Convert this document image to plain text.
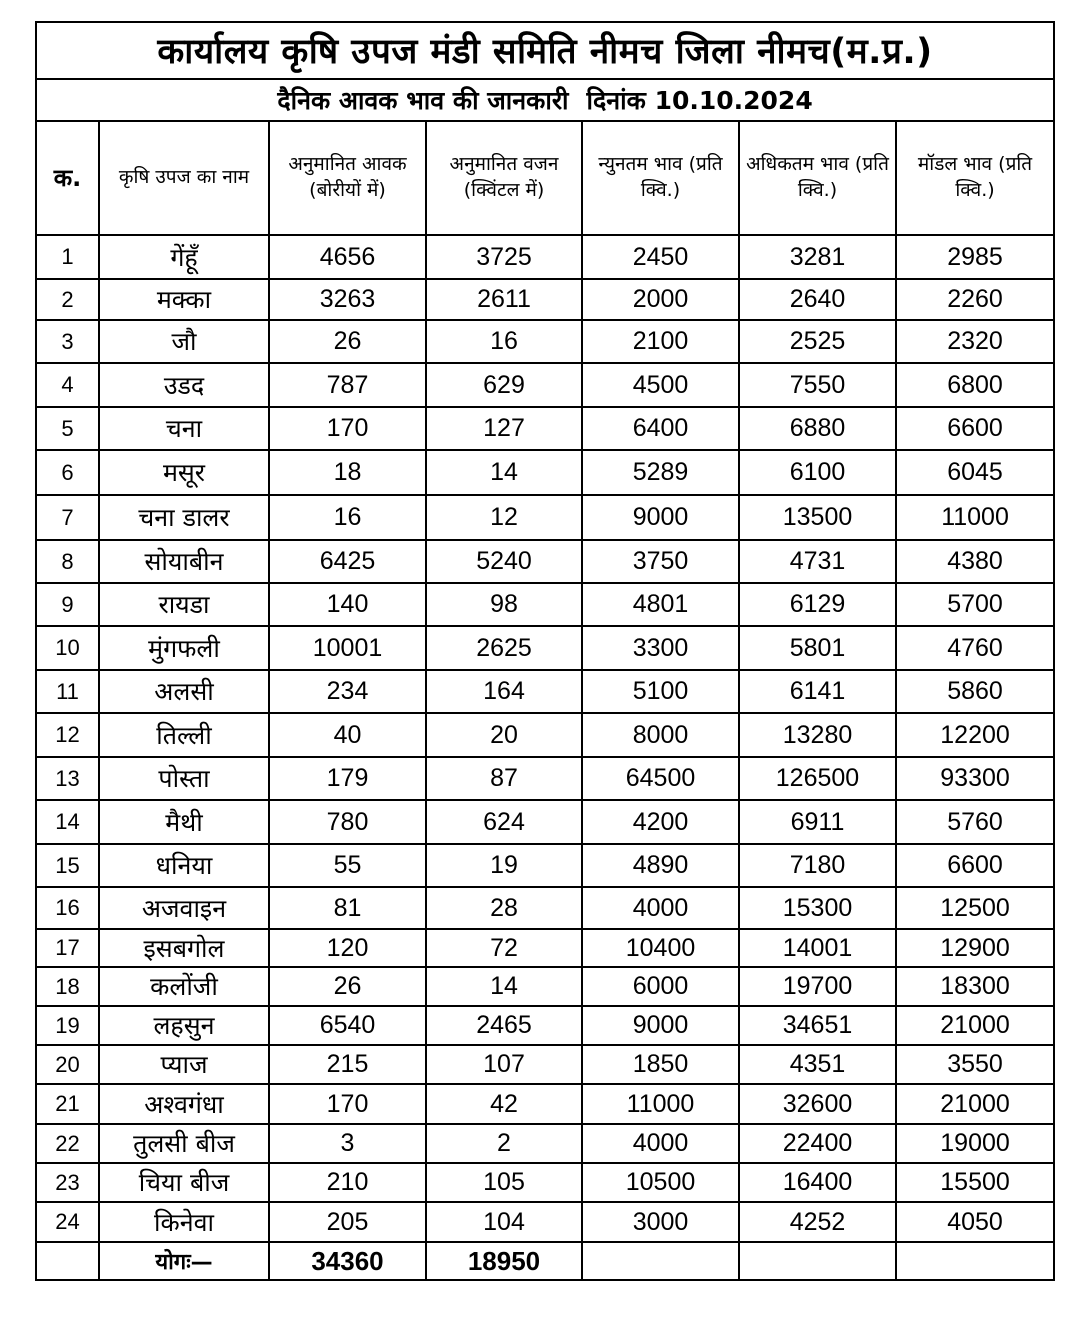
कार्यालय कृषि उपज मंडी समिति नीमच जिला नीमच(म.प्र.)						
दैनिक आवक भाव की जानकारी दिनांक 10.10.2024						
क.	कृषि उपज का नाम	अनुमानित आवक (बोरीयों में)	अनुमानित वजन (क्विंटल में)	न्युनतम भाव (प्रति क्वि.)	अधिकतम भाव (प्रति क्वि.)	मॉडल भाव (प्रति क्वि.)
1	गेंहूँ	4656	3725	2450	3281	2985
2	मक्का	3263	2611	2000	2640	2260
3	जौ	26	16	2100	2525	2320
4	उडद	787	629	4500	7550	6800
5	चना	170	127	6400	6880	6600
6	मसूर	18	14	5289	6100	6045
7	चना डालर	16	12	9000	13500	11000
8	सोयाबीन	6425	5240	3750	4731	4380
9	रायडा	140	98	4801	6129	5700
10	मुंगफली	10001	2625	3300	5801	4760
11	अलसी	234	164	5100	6141	5860
12	तिल्ली	40	20	8000	13280	12200
13	पोस्ता	179	87	64500	126500	93300
14	मैथी	780	624	4200	6911	5760
15	धनिया	55	19	4890	7180	6600
16	अजवाइन	81	28	4000	15300	12500
17	इसबगोल	120	72	10400	14001	12900
18	कलोंजी	26	14	6000	19700	18300
19	लहसुन	6540	2465	9000	34651	21000
20	प्याज	215	107	1850	4351	3550
21	अश्वगंधा	170	42	11000	32600	21000
22	तुलसी बीज	3	2	4000	22400	19000
23	चिया बीज	210	105	10500	16400	15500
24	किनेवा	205	104	3000	4252	4050
	योगः—	34360	18950			
